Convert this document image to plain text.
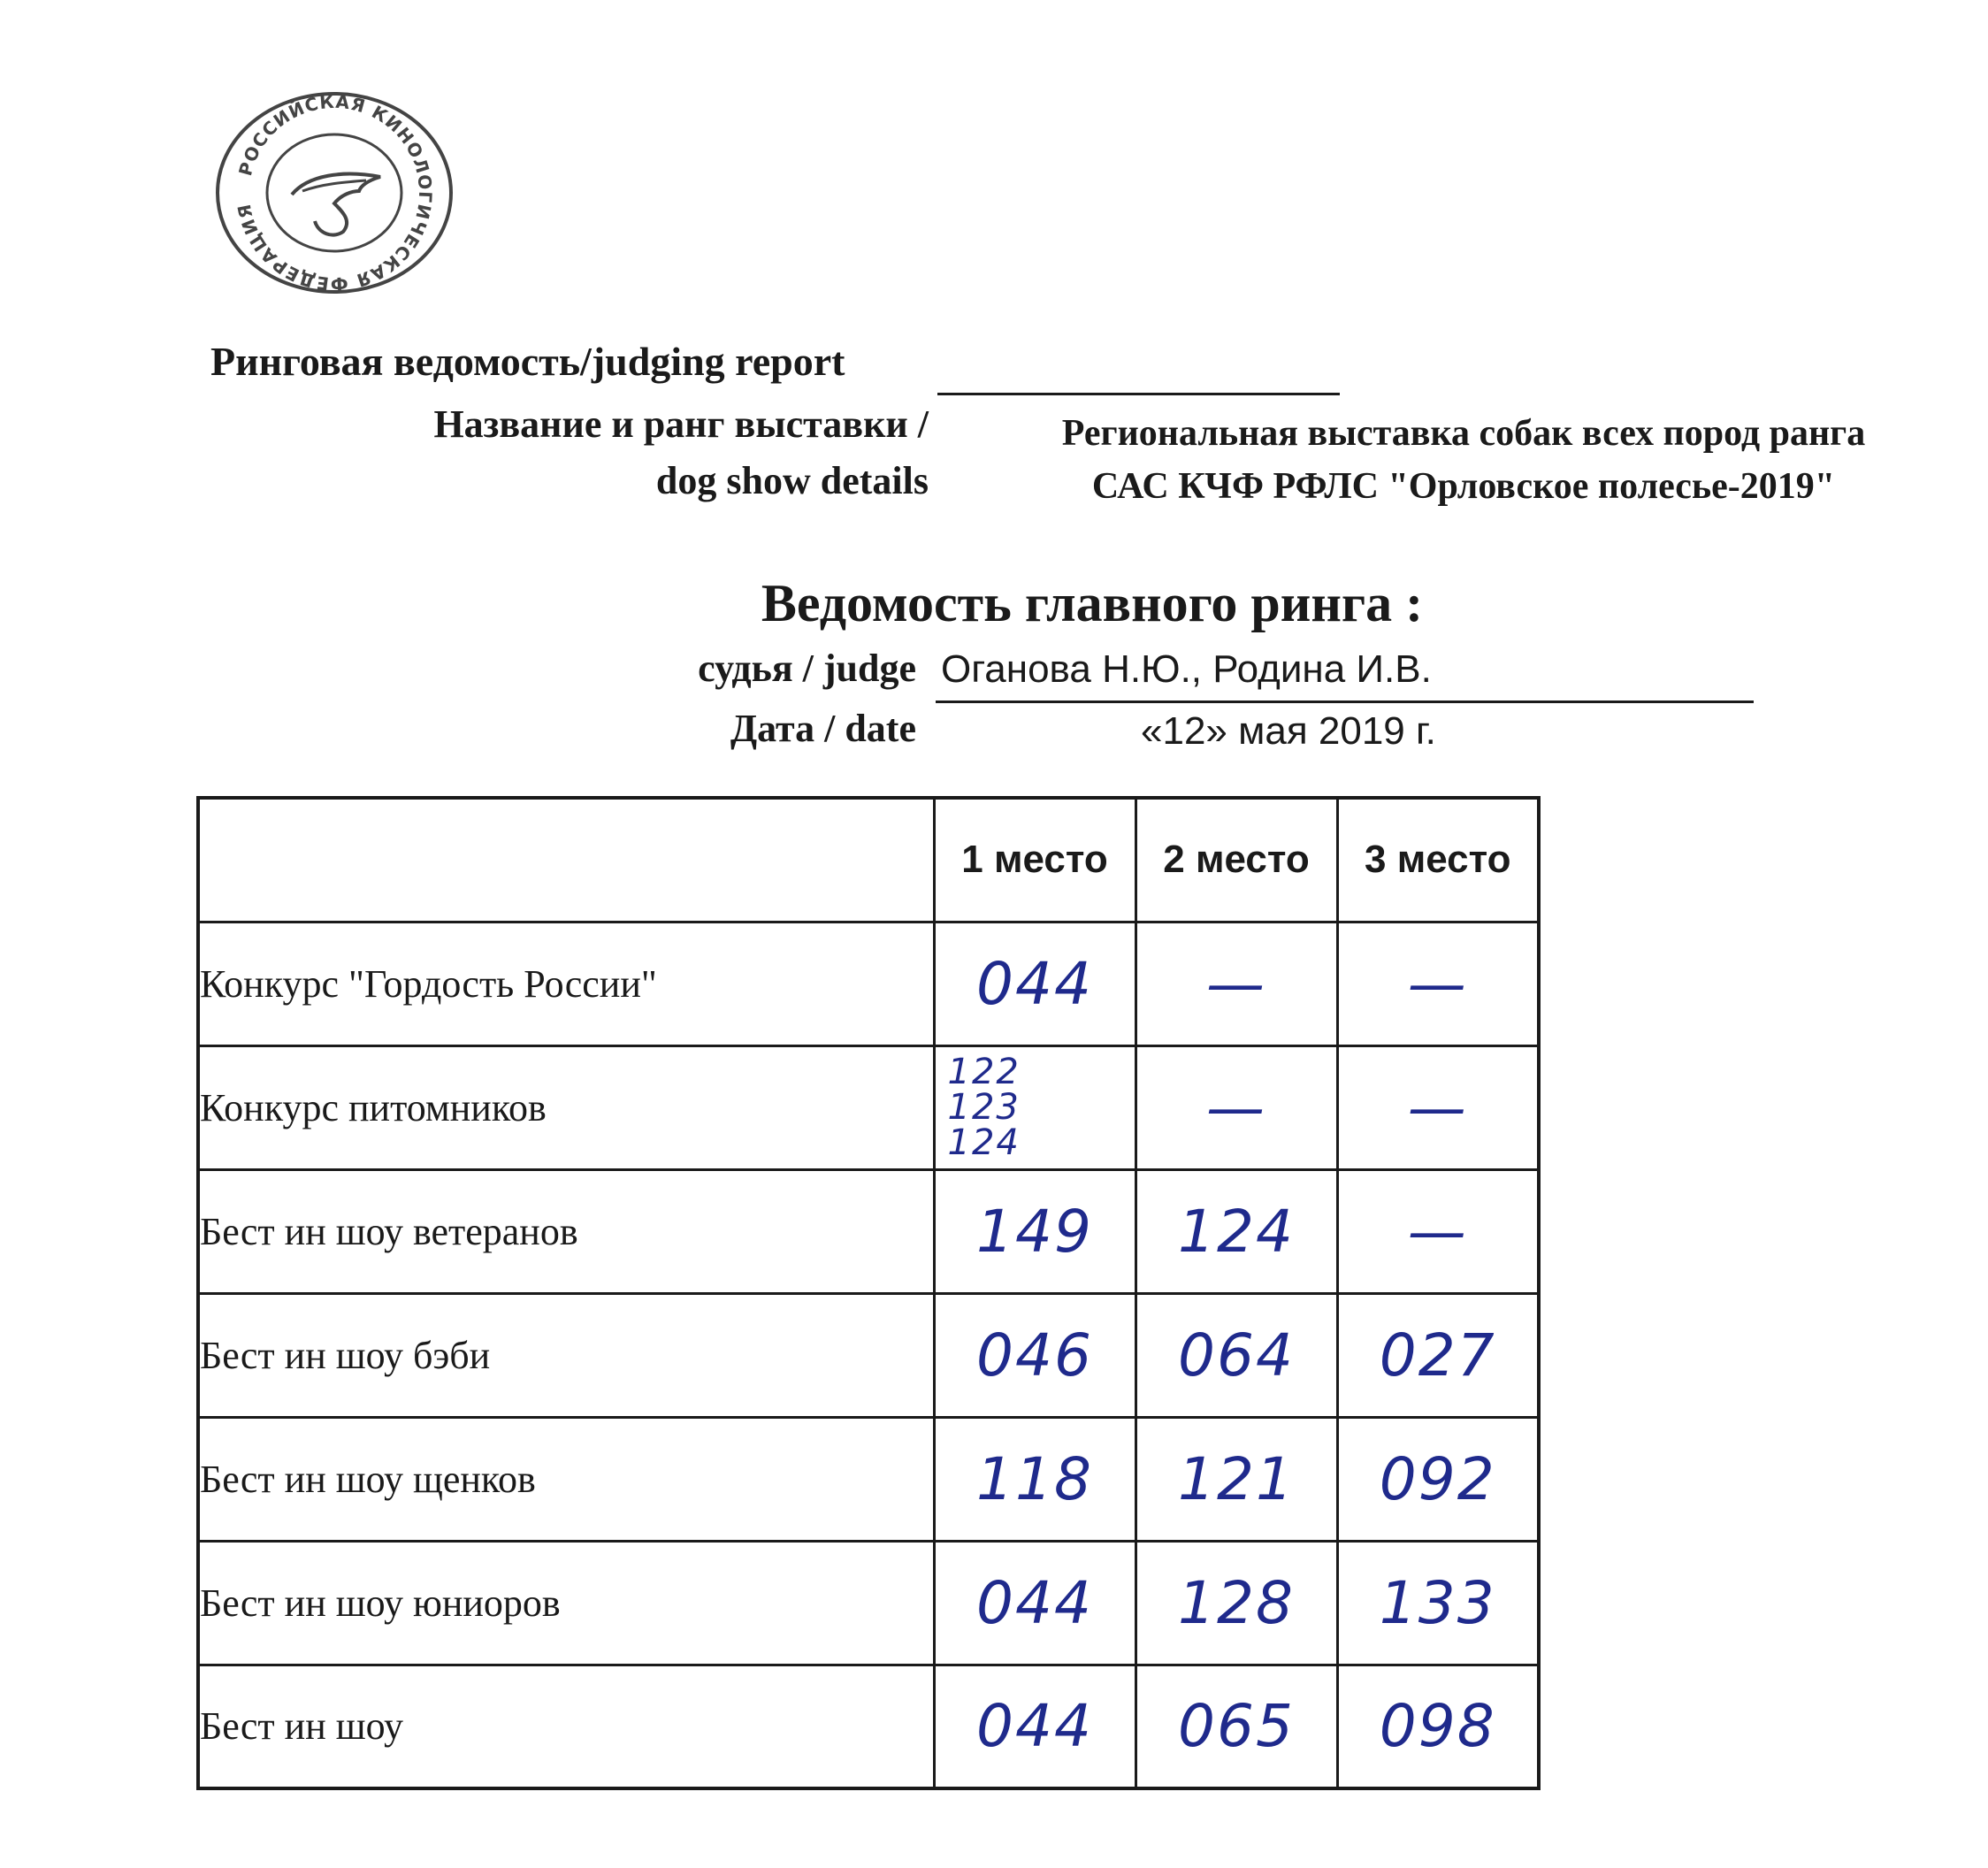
РОССИЙСКАЯ КИНОЛОГИЧЕСКАЯ ФЕДЕРАЦИЯ
Ринговая ведомость/judging report
Название и ранг выставки /
dog show details
Региональная выставка собак всех пород ранга
САС КЧФ РФЛС "Орловское полесье-2019"
Ведомость главного ринга :
судья / judge Оганова Н.Ю., Родина И.В.
Дата / date	«12» мая 2019 г.
	1 место	2 место	3 место
Конкурс "Гордость России"	044	—	—
Конкурс питомников	122
123
124	—	—
Бест ин шоу ветеранов	149	124	—
Бест ин шоу бэби	046	064	027
Бест ин шоу щенков	118	121	092
Бест ин шоу юниоров	044	128	133
Бест ин шоу	044	065	098
